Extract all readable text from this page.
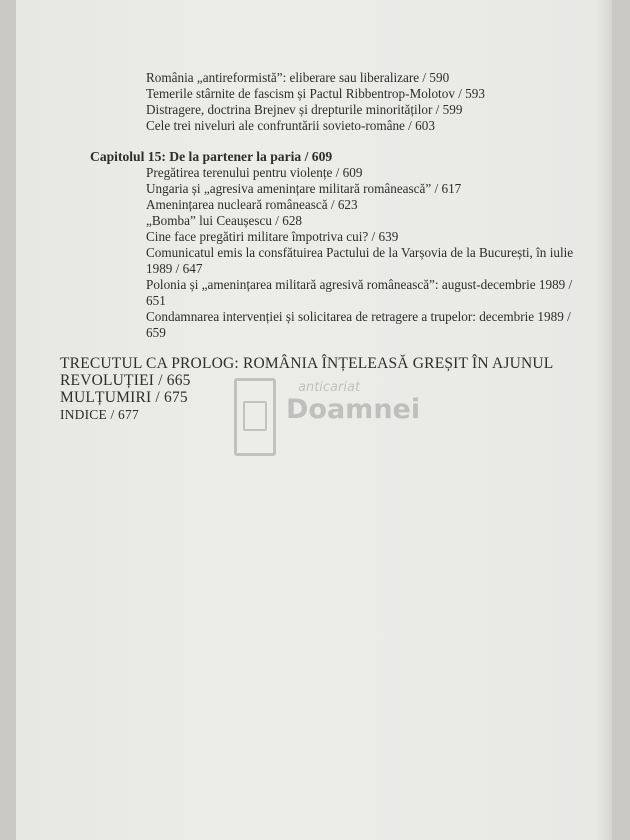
România „antireformistă”: eliberare sau liberalizare / 590
Temerile stârnite de fascism și Pactul Ribbentrop-Molotov / 593
Distragere, doctrina Brejnev și drepturile minorităților / 599
Cele trei niveluri ale confruntării sovieto-române / 603
Capitolul 15: De la partener la paria / 609
Pregătirea terenului pentru violențe / 609
Ungaria și „agresiva amenințare militară românească” / 617
Amenințarea nucleară românească / 623
„Bomba” lui Ceaușescu / 628
Cine face pregătiri militare împotriva cui? / 639
Comunicatul emis la consfătuirea Pactului de la Varșovia de la București, în iulie 1989 / 647
Polonia și „amenințarea militară agresivă românească”: august-decembrie 1989 / 651
Condamnarea intervenției și solicitarea de retragere a trupelor: decembrie 1989 / 659
TRECUTUL CA PROLOG: ROMÂNIA ÎNȚELEASĂ GREȘIT ÎN AJUNUL REVOLUȚIEI / 665
MULȚUMIRI / 675
INDICE / 677
anticariat
Doamnei
